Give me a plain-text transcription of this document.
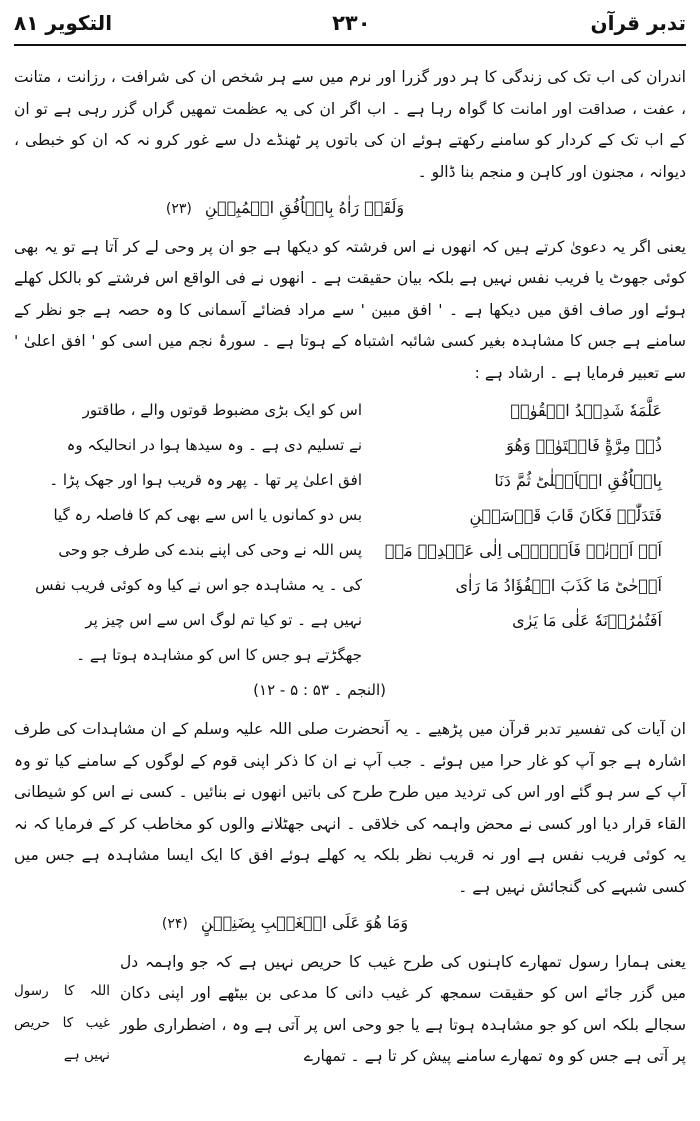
تدبر قرآن
۲۳۰
التکویر ۸۱

اندران کی اب تک کی زندگی کا ہر دور گزرا اور نرم میں سے ہر شخص ان کی شرافت ، رزانت ، متانت ، عفت ، صداقت اور امانت کا گواہ رہا ہے ۔ اب اگر ان کی یہ عظمت تمھیں گراں گزر رہی ہے تو ان کے اب تک کے کردار کو سامنے رکھتے ہوئے ان کی باتوں پر ٹھنڈے دل سے غور کرو نہ کہ ان کو خبطی ، دیوانہ ، مجنون اور کاہن و منجم بنا ڈالو ۔

وَلَقَدۡ رَاٰهُ بِالۡاُفُقِ الۡمُبِيۡنِ (۲۳)

یعنی اگر یہ دعویٰ کرتے ہیں کہ انھوں نے اس فرشتہ کو دیکھا ہے جو ان پر وحی لے کر آتا ہے تو یہ بھی کوئی جھوٹ یا فریب نفس نہیں ہے بلکہ بیان حقیقت ہے ۔ انھوں نے فی الواقع اس فرشتے کو بالکل کھلے ہوئے اور صاف افق میں دیکھا ہے ۔ ' افق مبین ' سے مراد فضائے آسمانی کا وہ حصہ ہے جو نظر کے سامنے ہے جس کا مشاہدہ بغیر کسی شائبہ اشتباہ کے ہوتا ہے ۔ سورۂ نجم میں اسی کو ' افق اعلیٰ ' سے تعبیر فرمایا ہے ۔ ارشاد ہے :

عَلَّمَهٗ شَدِيۡدُ الۡقُوٰىۙ
اس کو ایک بڑی مضبوط قوتوں والے ، طاقتور
ذُوۡ مِرَّةٍؕ فَاسۡتَوٰىۙ وَهُوَ
نے تسلیم دی ہے ۔ وہ سیدھا ہوا در انحالیکہ وہ
بِالۡاُفُقِ الۡاَعۡلٰىؕ ثُمَّ دَنَا
افق اعلیٰ پر تھا ۔ پھر وہ قریب ہوا اور جھک پڑا ۔
فَتَدَلّٰىۙ فَكَانَ قَابَ قَوۡسَيۡنِ
بس دو کمانوں یا اس سے بھی کم کا فاصلہ رہ گیا
اَوۡ اَدۡنٰىۚ فَاَوۡحٰۤى اِلٰى عَبۡدِهٖ مَاۤ
پس اللہ نے وحی کی اپنے بندے کی طرف جو وحی
اَوۡحٰىؕ مَا كَذَبَ الۡفُؤَادُ مَا رَاٰى
کی ۔ یہ مشاہدہ جو اس نے کیا وہ کوئی فریب نفس
اَفَتُمٰرُوۡنَهٗ عَلٰى مَا يَرٰى
نہیں ہے ۔ تو کیا تم لوگ اس سے اس چیز پر
جھگڑتے ہو جس کا اس کو مشاہدہ ہوتا ہے ۔
(النجم ۔ ۵۳ : ۵ - ۱۲)

ان آیات کی تفسیر تدبر قرآن میں پڑھیے ۔ یہ آنحضرت صلی اللہ علیہ وسلم کے ان مشاہدات کی طرف اشارہ ہے جو آپ کو غار حرا میں ہوئے ۔ جب آپ نے ان کا ذکر اپنی قوم کے لوگوں کے سامنے کیا تو وہ آپ کے سر ہو گئے اور اس کی تردید میں طرح طرح کی باتیں انھوں نے بنائیں ۔ کسی نے اس کو شیطانی القاء قرار دیا اور کسی نے محض واہمہ کی خلاقی ۔ انہی جھٹلانے والوں کو مخاطب کر کے فرمایا کہ نہ یہ کوئی فریب نفس ہے اور نہ قریب نظر بلکہ یہ کھلے ہوئے افق کا ایک ایسا مشاہدہ ہے جس میں کسی شبہے کی گنجائش نہیں ہے ۔

وَمَا هُوَ عَلَى الۡغَيۡبِ بِضَنِيۡنٍ (۲۴)

یعنی ہمارا رسول تمھارے کاہنوں کی طرح غیب کا حریص نہیں ہے کہ جو واہمہ دل میں گزر جائے اس کو حقیقت سمجھ کر غیب دانی کا مدعی بن بیٹھے اور اپنی دکان سجالے بلکہ اس کو جو مشاہدہ ہوتا ہے یا جو وحی اس پر آتی ہے وہ ، اضطراری طور پر آتی ہے جس کو وہ تمھارے سامنے پیش کر تا ہے ۔ تمھارے

اللہ کا رسول غیب کا حریص نہیں ہے
